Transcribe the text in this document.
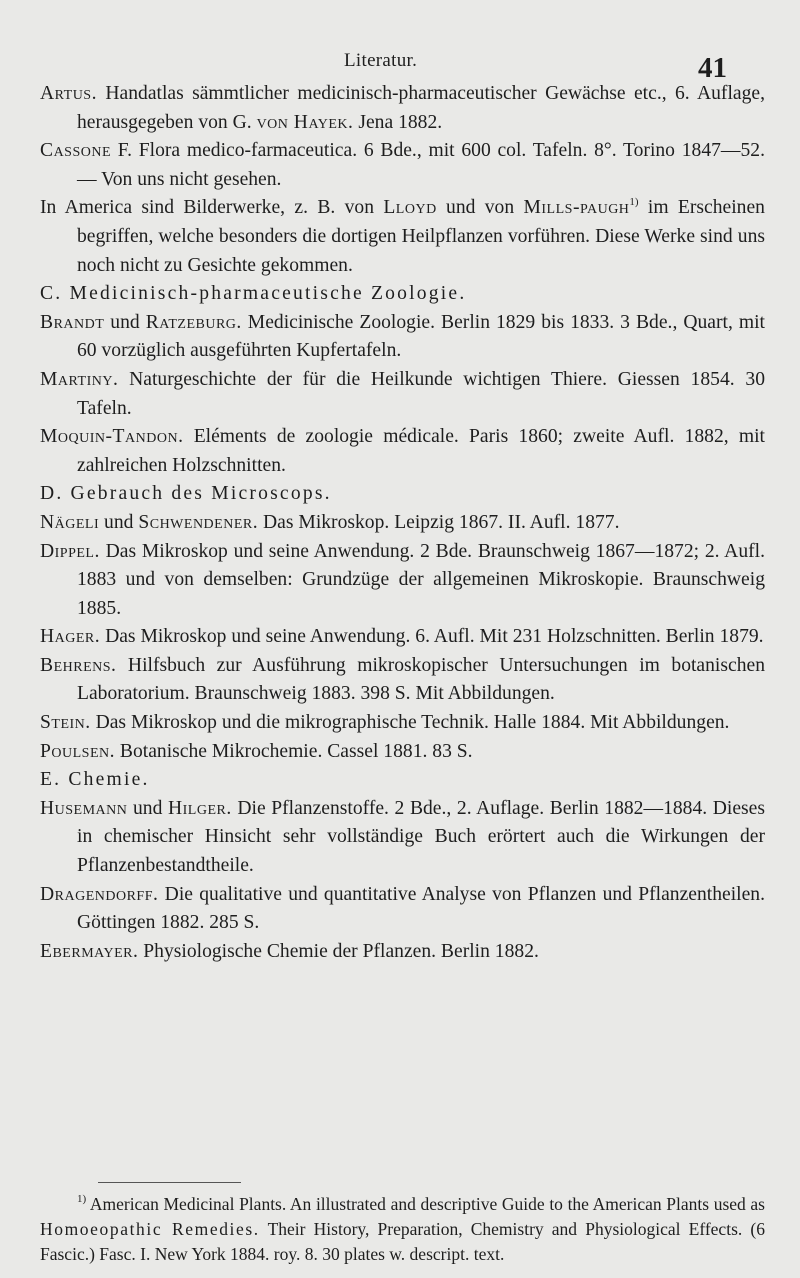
Literatur.	41
Artus. Handatlas sämmtlicher medicinisch-pharmaceutischer Gewächse etc., 6. Auflage, herausgegeben von G. von Hayek. Jena 1882.
Cassone F. Flora medico-farmaceutica. 6 Bde., mit 600 col. Tafeln. 8°. Torino 1847—52. — Von uns nicht gesehen.
In America sind Bilderwerke, z. B. von Lloyd und von Mills-paugh$^{1)}$ im Erscheinen begriffen, welche besonders die dortigen Heilpflanzen vorführen. Diese Werke sind uns noch nicht zu Gesichte gekommen.
C. Medicinisch-pharmaceutische Zoologie.
Brandt und Ratzeburg. Medicinische Zoologie. Berlin 1829 bis 1833. 3 Bde., Quart, mit 60 vorzüglich ausgeführten Kupfertafeln.
Martiny. Naturgeschichte der für die Heilkunde wichtigen Thiere. Giessen 1854. 30 Tafeln.
Moquin-Tandon. Eléments de zoologie médicale. Paris 1860; zweite Aufl. 1882, mit zahlreichen Holzschnitten.
D. Gebrauch des Microscops.
Nägeli und Schwendener. Das Mikroskop. Leipzig 1867. II. Aufl. 1877.
Dippel. Das Mikroskop und seine Anwendung. 2 Bde. Braunschweig 1867—1872; 2. Aufl. 1883 und von demselben: Grundzüge der allgemeinen Mikroskopie. Braunschweig 1885.
Hager. Das Mikroskop und seine Anwendung. 6. Aufl. Mit 231 Holzschnitten. Berlin 1879.
Behrens. Hilfsbuch zur Ausführung mikroskopischer Untersuchungen im botanischen Laboratorium. Braunschweig 1883. 398 S. Mit Abbildungen.
Stein. Das Mikroskop und die mikrographische Technik. Halle 1884. Mit Abbildungen.
Poulsen. Botanische Mikrochemie. Cassel 1881. 83 S.
E. Chemie.
Husemann und Hilger. Die Pflanzenstoffe. 2 Bde., 2. Auflage. Berlin 1882—1884. Dieses in chemischer Hinsicht sehr vollständige Buch erörtert auch die Wirkungen der Pflanzenbestandtheile.
Dragendorff. Die qualitative und quantitative Analyse von Pflanzen und Pflanzentheilen. Göttingen 1882. 285 S.
Ebermayer. Physiologische Chemie der Pflanzen. Berlin 1882.
$^{1)}$ American Medicinal Plants. An illustrated and descriptive Guide to the American Plants used as Homoeopathic Remedies. Their History, Preparation, Chemistry and Physiological Effects. (6 Fascic.) Fasc. I. New York 1884. roy. 8. 30 plates w. descript. text.
